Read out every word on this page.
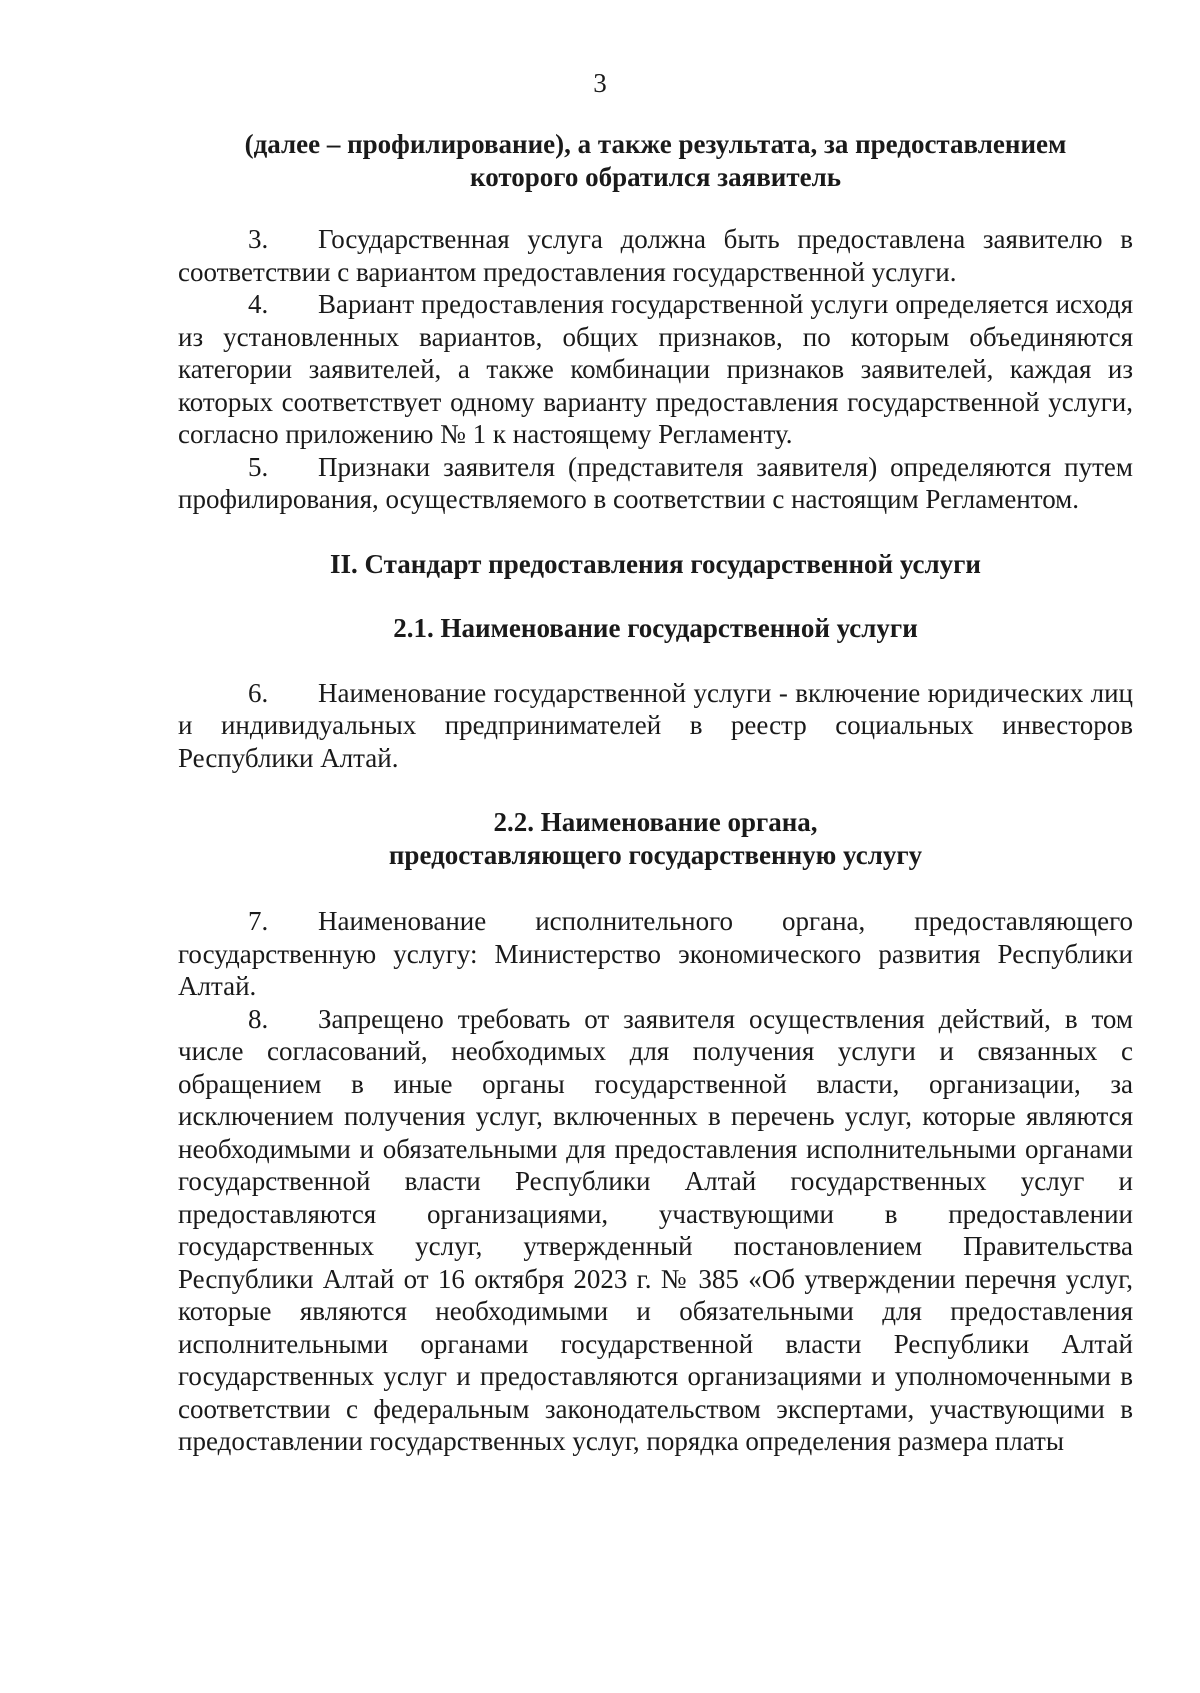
3
(далее – профилирование), а также результата, за предоставлением
которого обратился заявитель

3. Государственная услуга должна быть предоставлена заявителю в соответствии с вариантом предоставления государственной услуги.

4. Вариант предоставления государственной услуги определяется исходя из установленных вариантов, общих признаков, по которым объединяются категории заявителей, а также комбинации признаков заявителей, каждая из которых соответствует одному варианту предоставления государственной услуги, согласно приложению № 1 к настоящему Регламенту.

5. Признаки заявителя (представителя заявителя) определяются путем профилирования, осуществляемого в соответствии с настоящим Регламентом.

II. Стандарт предоставления государственной услуги
2.1. Наименование государственной услуги

6. Наименование государственной услуги - включение юридических лиц и индивидуальных предпринимателей в реестр социальных инвесторов Республики Алтай.

2.2. Наименование органа,
предоставляющего государственную услугу

7. Наименование исполнительного органа, предоставляющего государственную услугу: Министерство экономического развития Республики Алтай.

8. Запрещено требовать от заявителя осуществления действий, в том числе согласований, необходимых для получения услуги и связанных с обращением в иные органы государственной власти, организации, за исключением получения услуг, включенных в перечень услуг, которые являются необходимыми и обязательными для предоставления исполнительными органами государственной власти Республики Алтай государственных услуг и предоставляются организациями, участвующими в предоставлении государственных услуг, утвержденный постановлением Правительства Республики Алтай от 16 октября 2023 г. № 385 «Об утверждении перечня услуг, которые являются необходимыми и обязательными для предоставления исполнительными органами государственной власти Республики Алтай государственных услуг и предоставляются организациями и уполномоченными в соответствии с федеральным законодательством экспертами, участвующими в предоставлении государственных услуг, порядка определения размера платы
